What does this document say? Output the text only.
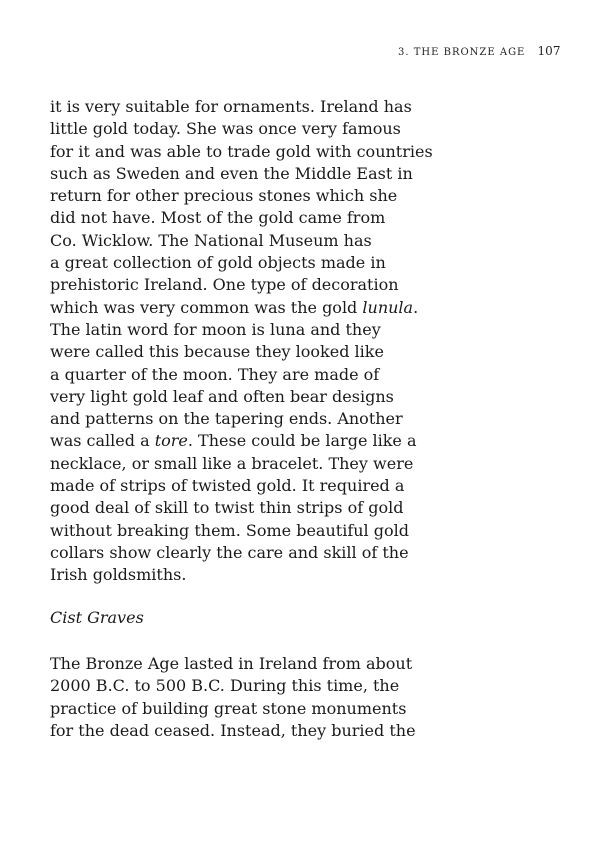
3. THE BRONZE AGE 107
it is very suitable for ornaments. Ireland has
little gold today. She was once very famous
for it and was able to trade gold with countries
such as Sweden and even the Middle East in
return for other precious stones which she
did not have. Most of the gold came from
Co. Wicklow. The National Museum has
a great collection of gold objects made in
prehistoric Ireland. One type of decoration
which was very common was the gold lunula.
The latin word for moon is luna and they
were called this because they looked like
a quarter of the moon. They are made of
very light gold leaf and often bear designs
and patterns on the tapering ends. Another
was called a tore. These could be large like a
necklace, or small like a bracelet. They were
made of strips of twisted gold. It required a
good deal of skill to twist thin strips of gold
without breaking them. Some beautiful gold
collars show clearly the care and skill of the
Irish goldsmiths.
Cist Graves
The Bronze Age lasted in Ireland from about
2000 B.C. to 500 B.C. During this time, the
practice of building great stone monuments
for the dead ceased. Instead, they buried the
